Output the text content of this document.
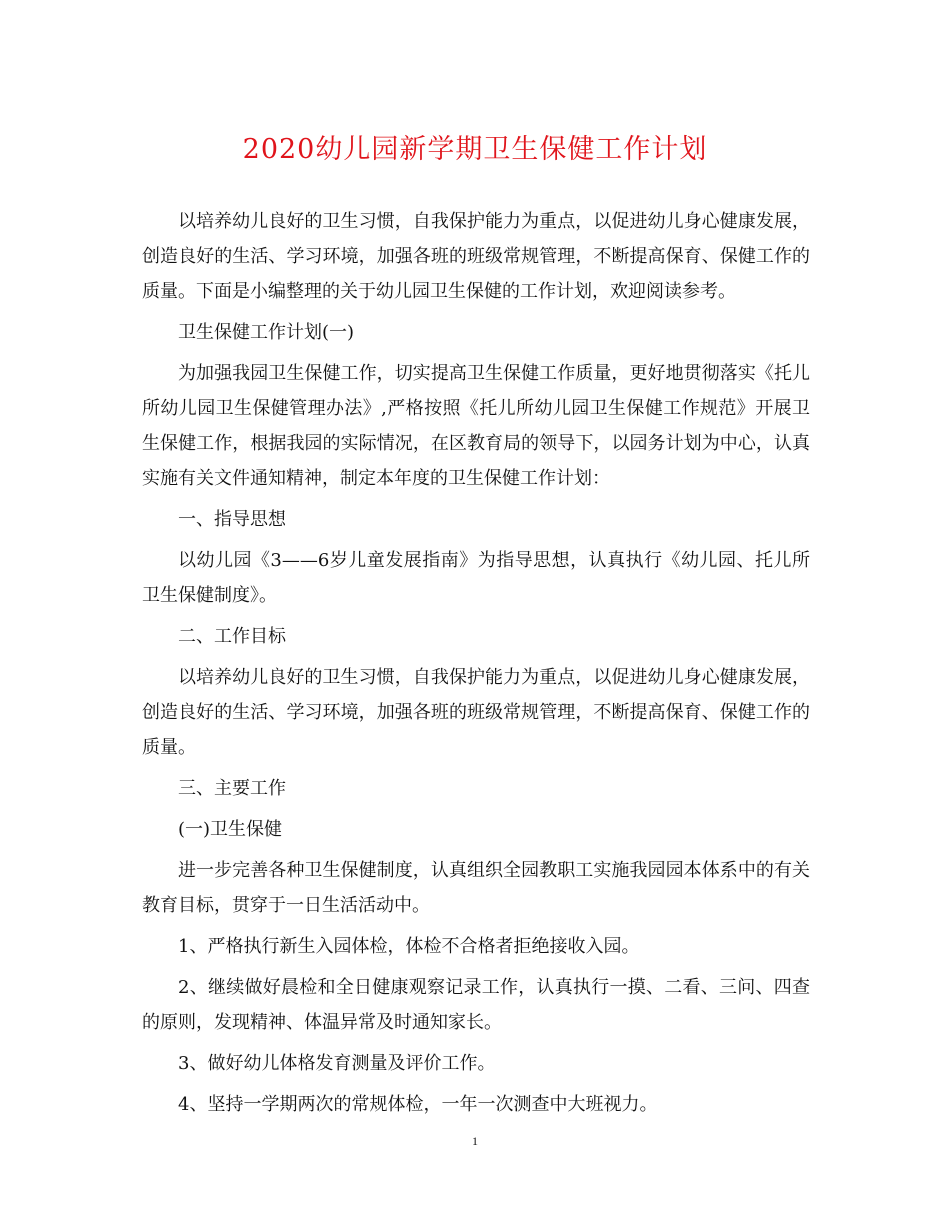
2020幼儿园新学期卫生保健工作计划

以培养幼儿良好的卫生习惯，自我保护能力为重点，以促进幼儿身心健康发展，创造良好的生活、学习环境，加强各班的班级常规管理，不断提高保育、保健工作的质量。下面是小编整理的关于幼儿园卫生保健的工作计划，欢迎阅读参考。

卫生保健工作计划(一)

为加强我园卫生保健工作，切实提高卫生保健工作质量，更好地贯彻落实《托儿所幼儿园卫生保健管理办法》,严格按照《托儿所幼儿园卫生保健工作规范》开展卫生保健工作，根据我园的实际情况，在区教育局的领导下，以园务计划为中心，认真实施有关文件通知精神，制定本年度的卫生保健工作计划：

一、指导思想

以幼儿园《3——6岁儿童发展指南》为指导思想，认真执行《幼儿园、托儿所卫生保健制度》。

二、工作目标

以培养幼儿良好的卫生习惯，自我保护能力为重点，以促进幼儿身心健康发展，创造良好的生活、学习环境，加强各班的班级常规管理，不断提高保育、保健工作的质量。

三、主要工作

(一)卫生保健

进一步完善各种卫生保健制度，认真组织全园教职工实施我园园本体系中的有关教育目标，贯穿于一日生活活动中。

1、严格执行新生入园体检，体检不合格者拒绝接收入园。

2、继续做好晨检和全日健康观察记录工作，认真执行一摸、二看、三问、四查的原则，发现精神、体温异常及时通知家长。

3、做好幼儿体格发育测量及评价工作。

4、坚持一学期两次的常规体检，一年一次测查中大班视力。

1
